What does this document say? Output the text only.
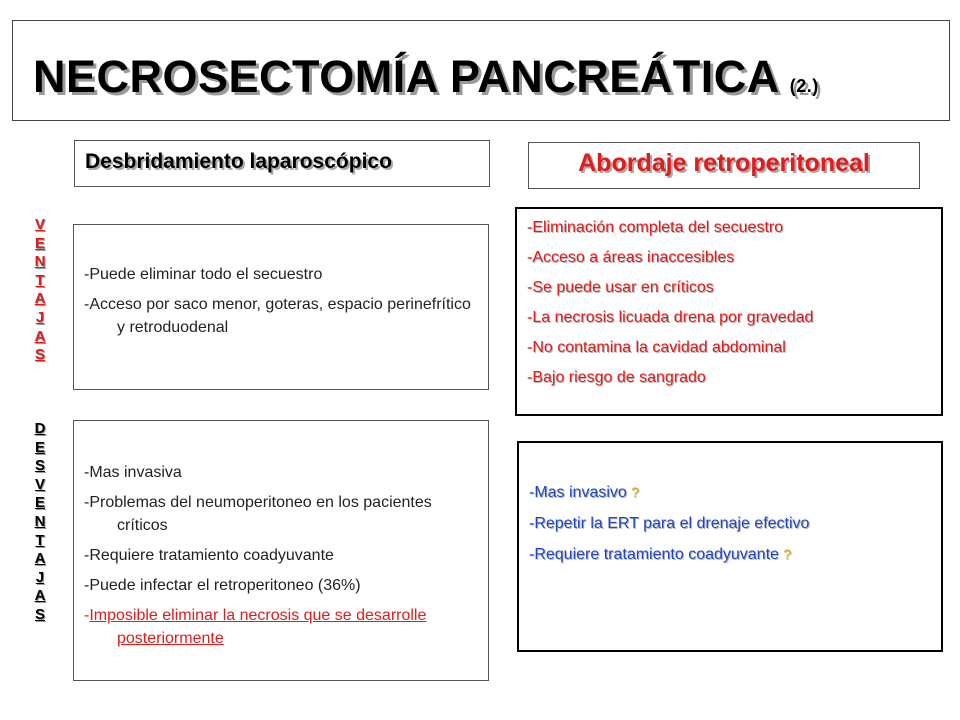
NECROSECTOMÍA PANCREÁTICA (2.)
Desbridamiento laparoscópico	Abordaje retroperitoneal
V
E
N
T
A
J
A
S
D
E
S
V
E
N
T
A
J
A
S
-Puede eliminar todo el secuestro
-Acceso por saco menor, goteras, espacio perinefrítico y retroduodenal
-Mas invasiva
-Problemas del neumoperitoneo en los pacientes críticos
-Requiere tratamiento coadyuvante
-Puede infectar el retroperitoneo (36%)
-Imposible eliminar la necrosis que se desarrolle posteriormente
-Eliminación completa del secuestro
-Acceso a áreas inaccesibles
-Se puede usar en críticos
-La necrosis licuada drena por gravedad
-No contamina la cavidad abdominal
-Bajo riesgo de sangrado
-Mas invasivo ?
-Repetir la ERT para el drenaje efectivo
-Requiere tratamiento coadyuvante ?
